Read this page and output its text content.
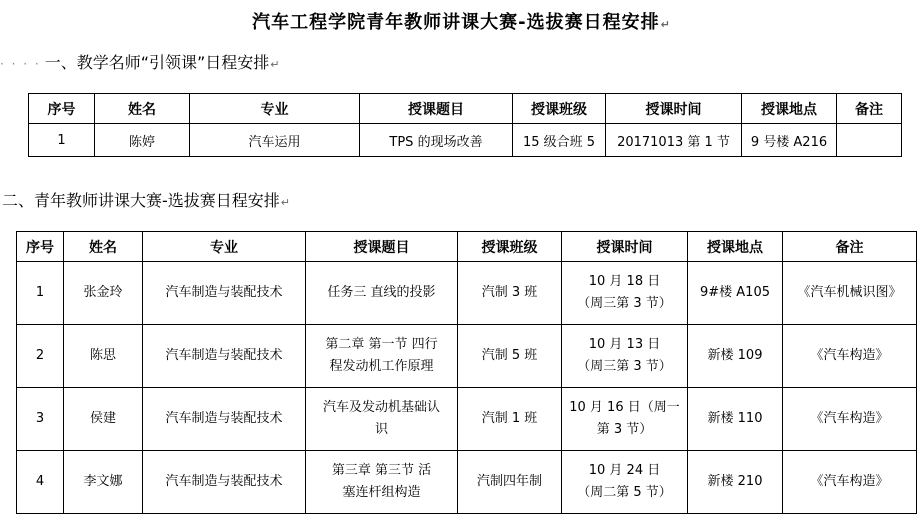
汽车工程学院青年教师讲课大赛-选拔赛日程安排↵
· · · · 一、教学名师“引领课”日程安排↵
序号	姓名	专业	授课题目	授课班级	授课时间	授课地点	备注
1	陈婷	汽车运用	TPS 的现场改善	15 级合班 5	20171013 第 1 节	9 号楼 A216	
二、青年教师讲课大赛-选拔赛日程安排↵
序号	姓名	专业	授课题目	授课班级	授课时间	授课地点	备注
1	张金玲	汽车制造与装配技术	任务三 直线的投影	汽制 3 班	10 月 18 日
（周三第 3 节）	9#楼 A105	《汽车机械识图》
2	陈思	汽车制造与装配技术	第二章 第一节 四行
程发动机工作原理	汽制 5 班	10 月 13 日
（周三第 3 节）	新楼 109	《汽车构造》
3	侯建	汽车制造与装配技术	汽车及发动机基础认
识	汽制 1 班	10 月 16 日（周一
第 3 节）	新楼 110	《汽车构造》
4	李文娜	汽车制造与装配技术	第三章 第三节 活
塞连杆组构造	汽制四年制	10 月 24 日
（周二第 5 节）	新楼 210	《汽车构造》
